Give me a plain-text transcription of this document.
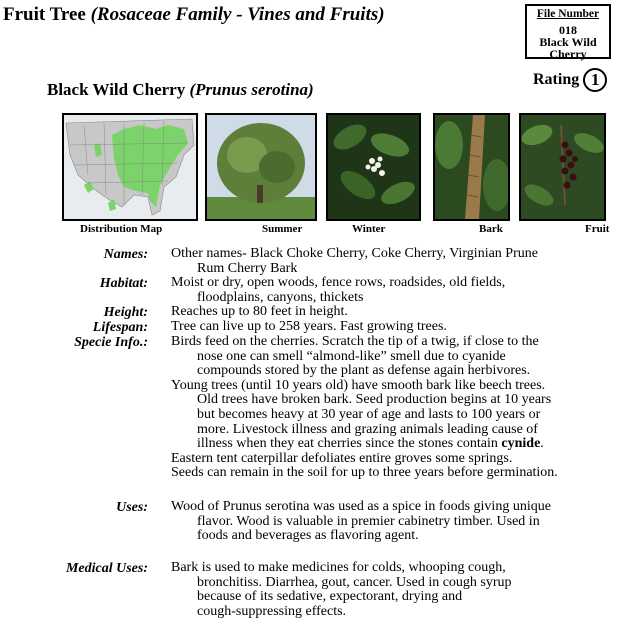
Fruit Tree (Rosaceae Family - Vines and Fruits)	File Number
018
Black Wild
Cherry
Rating 1
Black Wild Cherry (Prunus serotina)
Distribution Map	Summer	Winter	Bark	Fruit
Names: Other names- Black Choke Cherry, Coke Cherry, Virginian Prune
Rum Cherry Bark
Habitat: Moist or dry, open woods, fence rows, roadsides, old fields,
floodplains, canyons, thickets
Height: Reaches up to 80 feet in height.
Lifespan: Tree can live up to 258 years. Fast growing trees.
Specie Info.: Birds feed on the cherries. Scratch the tip of a twig, if close to the
nose one can smell “almond-like” smell due to cyanide
compounds stored by the plant as defense again herbivores.
Young trees (until 10 years old) have smooth bark like beech trees.
Old trees have broken bark. Seed production begins at 10 years
but becomes heavy at 30 year of age and lasts to 100 years or
more. Livestock illness and grazing animals leading cause of
illness when they eat cherries since the stones contain cynide.
Eastern tent caterpillar defoliates entire groves some springs.
Seeds can remain in the soil for up to three years before germination.
Uses: Wood of Prunus serotina was used as a spice in foods giving unique
flavor. Wood is valuable in premier cabinetry timber. Used in
foods and beverages as flavoring agent.
Medical Uses: Bark is used to make medicines for colds, whooping cough,
bronchitiss. Diarrhea, gout, cancer. Used in cough syrup
because of its sedative, expectorant, drying and
cough-suppressing effects.
